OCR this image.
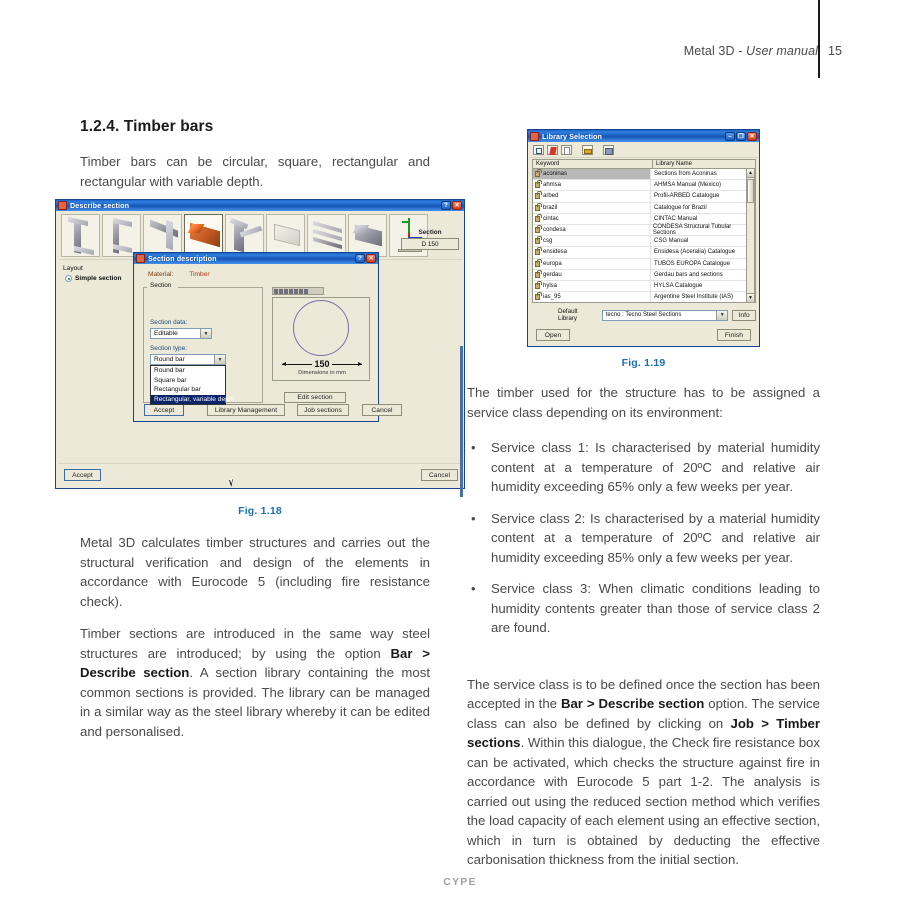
Metal 3D - User manual 15
1.2.4. Timber bars

Timber bars can be circular, square, rectangular and rectangular with variable depth.

Describe section	?	✕
Section
D 150
Layout
Simple section
Accept	Cancel
Section description	?	✕
Material: Timber
Section
Section data:
Editable	▼
Section type:
Round bar	▼
Round bar
Square bar
Rectangular bar
Rectangular, variable depth
150
Dimensions in mm
Edit section
Accept	Library Management	Job sections	Cancel
Fig. 1.18

Metal 3D calculates timber structures and carries out the structural verification and design of the elements in accordance with Eurocode 5 (including fire resistance check).

Timber sections are introduced in the same way steel structures are introduced; by using the option Bar > Describe section. A section library containing the most common sections is provided. The library can be managed in a similar way as the steel library whereby it can be edited and personalised.

Library Selection	–	❐ ✕
Keyword	Library Name
aconinas	Sections from Aconinas
ahmsa	AHMSA Manual (Mexico)
arbed	Profil-ARBED Catalogue
brazil	Catalogue for Brazil
cintac	CINTAC Manual
condesa	CONDESA Structural Tubular Sections
csg	CSG Manual
ensidesa	Ensidesa (Aceralia) Catalogue
europa	TUBOS EUROPA Catalogue
gerdau	Gerdau bars and sections
hylsa	HYLSA Catalogue
ias_95	Argentine Steel Institute (IAS)
▲
▼
Default Library	tecno : Tecno Steel Sections	▼	Info
Open	Finish
Fig. 1.19

The timber used for the structure has to be assigned a service class depending on its environment:

• Service class 1: Is characterised by material humidity content at a temperature of 20ºC and relative air humidity exceeding 65% only a few weeks per year.
• Service class 2: Is characterised by a material humidity content at a temperature of 20ºC and relative air humidity exceeding 85% only a few weeks per year.
• Service class 3: When climatic conditions leading to humidity contents greater than those of service class 2 are found.

The service class is to be defined once the section has been accepted in the Bar > Describe section option. The service class can also be defined by clicking on Job > Timber sections. Within this dialogue, the Check fire resistance box can be activated, which checks the structure against fire in accordance with Eurocode 5 part 1-2. The analysis is carried out using the reduced section method which verifies the load capacity of each element using an effective section, which in turn is obtained by deducting the effective carbonisation thickness from the initial section.

CYPE
